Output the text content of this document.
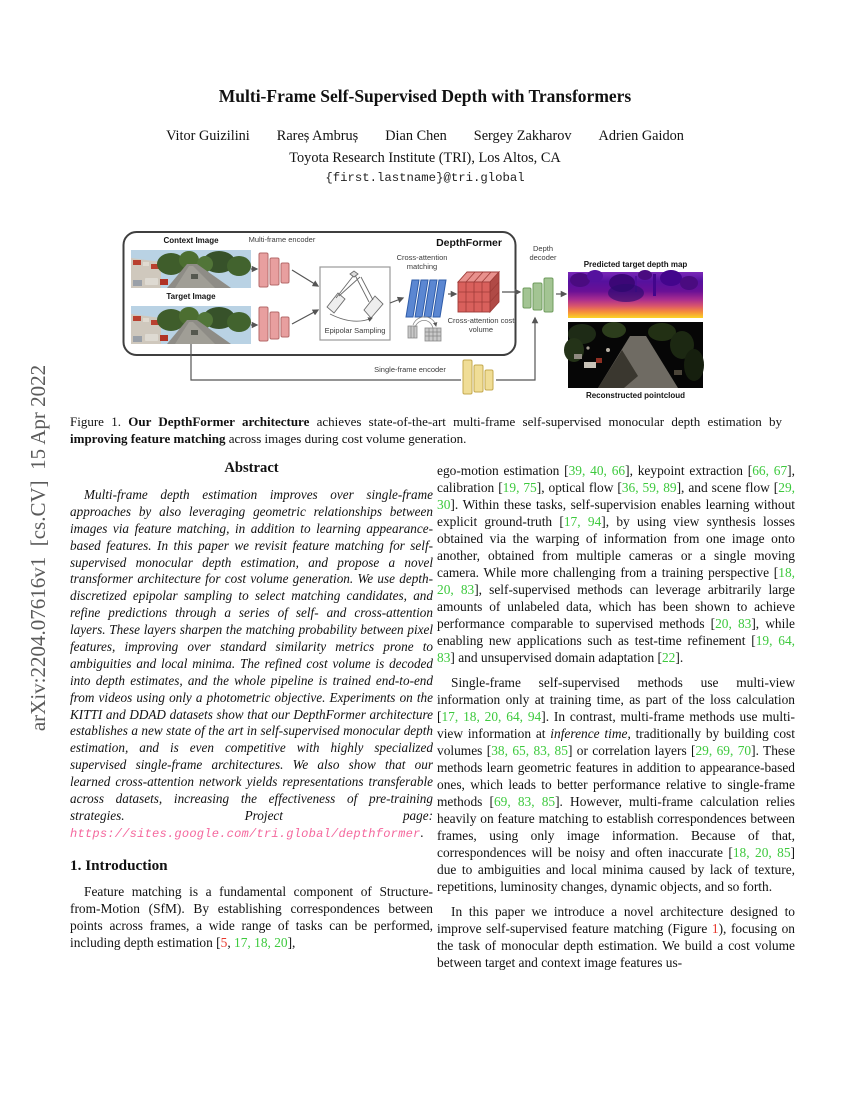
arXiv:2204.07616v1  [cs.CV]  15 Apr 2022
Multi-Frame Self-Supervised Depth with Transformers
Vitor Guizilini Rareș Ambruș Dian Chen Sergey Zakharov Adrien Gaidon
Toyota Research Institute (TRI), Los Altos, CA
{first.lastname}@tri.global
Context Image	Multi-frame encoder	DepthFormer
Target Image
Cross-attention matching
Epipolar Sampling
Cross-attention cost volume
Depth decoder
Predicted target depth map
Reconstructed pointcloud
Single-frame encoder
Figure 1. Our DepthFormer architecture achieves state-of-the-art multi-frame self-supervised monocular depth estimation by improving feature matching across images during cost volume generation.
Abstract

Multi-frame depth estimation improves over single-frame approaches by also leveraging geometric relationships between images via feature matching, in addition to learning appearance-based features. In this paper we revisit feature matching for self-supervised monocular depth estimation, and propose a novel transformer architecture for cost volume generation. We use depth-discretized epipolar sampling to select matching candidates, and refine predictions through a series of self- and cross-attention layers. These layers sharpen the matching probability between pixel features, improving over standard similarity metrics prone to ambiguities and local minima. The refined cost volume is decoded into depth estimates, and the whole pipeline is trained end-to-end from videos using only a photometric objective. Experiments on the KITTI and DDAD datasets show that our DepthFormer architecture establishes a new state of the art in self-supervised monocular depth estimation, and is even competitive with highly specialized supervised single-frame architectures. We also show that our learned cross-attention network yields representations transferable across datasets, increasing the effectiveness of pre-training strategies. Project page: https://sites.google.com/tri.global/depthformer.

1. Introduction

Feature matching is a fundamental component of Structure-from-Motion (SfM). By establishing correspondences between points across frames, a wide range of tasks can be performed, including depth estimation [5, 17, 18, 20],

ego-motion estimation [39, 40, 66], keypoint extraction [66, 67], calibration [19, 75], optical flow [36, 59, 89], and scene flow [29, 30]. Within these tasks, self-supervision enables learning without explicit ground-truth [17, 94], by using view synthesis losses obtained via the warping of information from one image onto another, obtained from multiple cameras or a single moving camera. While more challenging from a training perspective [18, 20, 83], self-supervised methods can leverage arbitrarily large amounts of unlabeled data, which has been shown to achieve performance comparable to supervised methods [20, 83], while enabling new applications such as test-time refinement [19, 64, 83] and unsupervised domain adaptation [22].

Single-frame self-supervised methods use multi-view information only at training time, as part of the loss calculation [17, 18, 20, 64, 94]. In contrast, multi-frame methods use multi-view information at inference time, traditionally by building cost volumes [38, 65, 83, 85] or correlation layers [29, 69, 70]. These methods learn geometric features in addition to appearance-based ones, which leads to better performance relative to single-frame methods [69, 83, 85]. However, multi-frame calculation relies heavily on feature matching to establish correspondences between frames, using only image information. Because of that, correspondences will be noisy and often inaccurate [18, 20, 85] due to ambiguities and local minima caused by lack of texture, repetitions, luminosity changes, dynamic objects, and so forth.

In this paper we introduce a novel architecture designed to improve self-supervised feature matching (Figure 1), focusing on the task of monocular depth estimation. We build a cost volume between target and context image features us-
